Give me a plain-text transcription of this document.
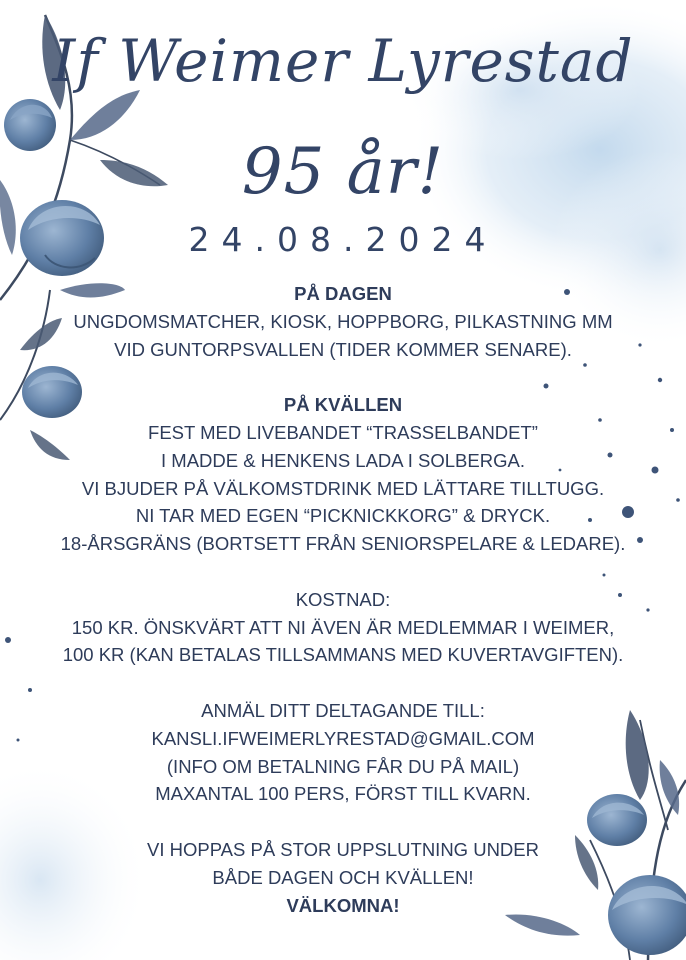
If Weimer Lyrestad
95 år!
24.08.2024
PÅ DAGEN
UNGDOMSMATCHER, KIOSK, HOPPBORG, PILKASTNING MM
VID GUNTORPSVALLEN (TIDER KOMMER SENARE).
PÅ KVÄLLEN
FEST MED LIVEBANDET “TRASSELBANDET”
I MADDE & HENKENS LADA I SOLBERGA.
VI BJUDER PÅ VÄLKOMSTDRINK MED LÄTTARE TILLTUGG.
NI TAR MED EGEN “PICKNICKKORG” & DRYCK.
18-ÅRSGRÄNS (BORTSETT FRÅN SENIORSPELARE & LEDARE).
KOSTNAD:
150 KR. ÖNSKVÄRT ATT NI ÄVEN ÄR MEDLEMMAR I WEIMER,
100 KR (KAN BETALAS TILLSAMMANS MED KUVERTAVGIFTEN).
ANMÄL DITT DELTAGANDE TILL:
KANSLI.IFWEIMERLYRESTAD@GMAIL.COM
(INFO OM BETALNING FÅR DU PÅ MAIL)
MAXANTAL 100 PERS, FÖRST TILL KVARN.
VI HOPPAS PÅ STOR UPPSLUTNING UNDER
BÅDE DAGEN OCH KVÄLLEN!
VÄLKOMNA!
